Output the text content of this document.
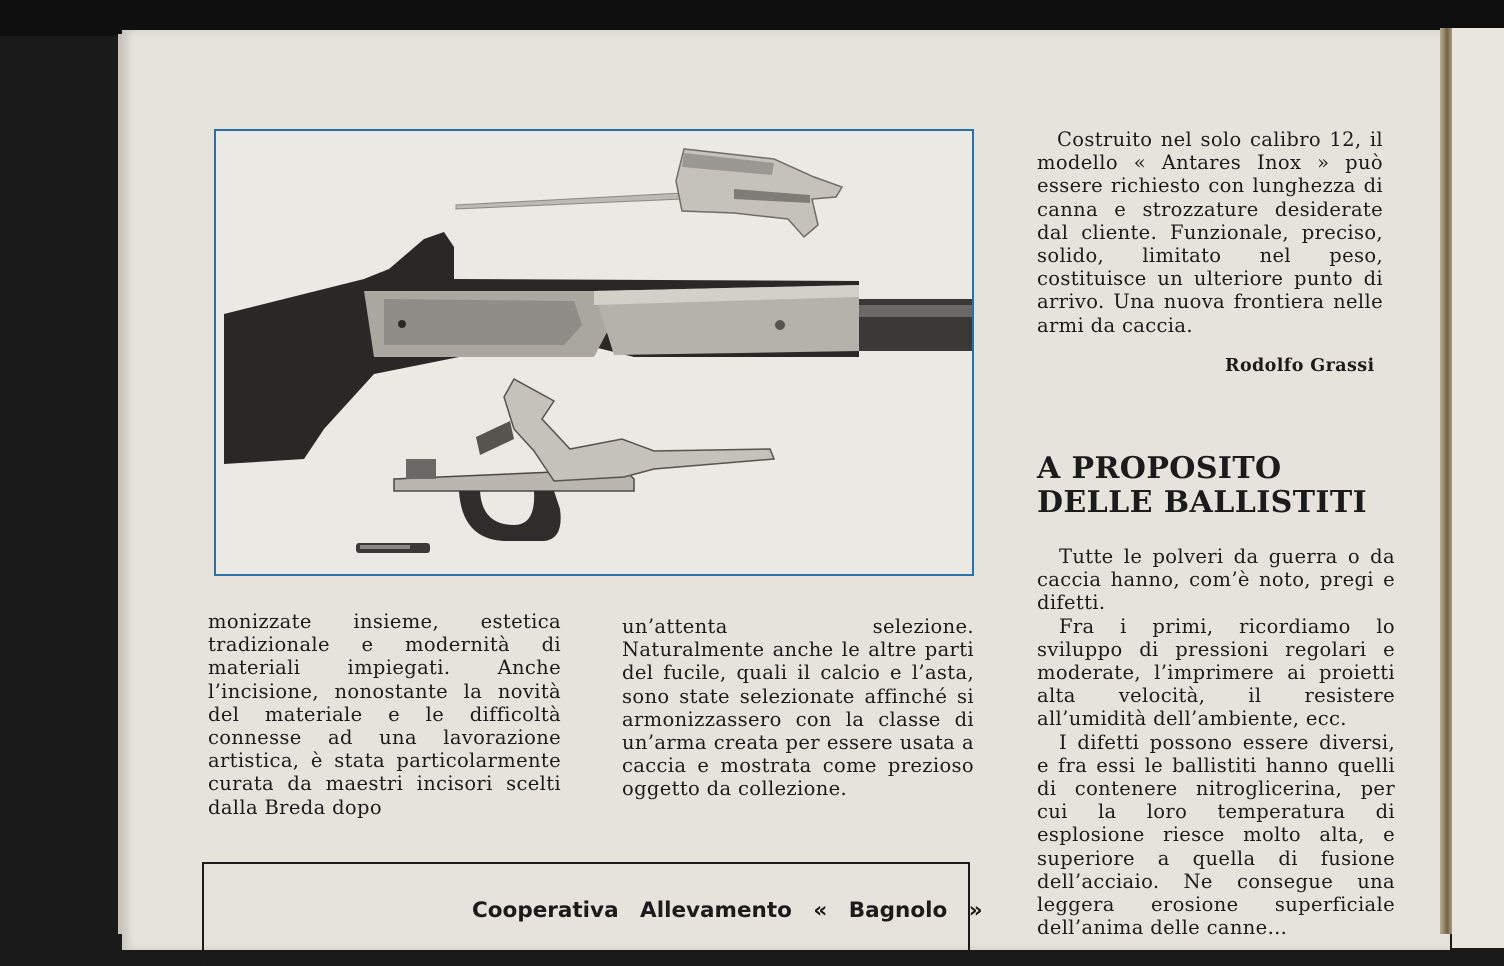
monizzate insieme, estetica tradizionale e modernità di materiali impiegati. Anche l’incisione, nonostante la novità del materiale e le difficoltà connesse ad una lavorazione artistica, è stata particolarmente curata da maestri incisori scelti dalla Breda dopo

un’attenta selezione. Naturalmente anche le altre parti del fucile, quali il calcio e l’asta, sono state selezionate affinché si armonizzassero con la classe di un’arma creata per essere usata a caccia e mostrata come prezioso oggetto da collezione.

Costruito nel solo calibro 12, il modello « Antares Inox » può essere richiesto con lunghezza di canna e strozzature desiderate dal cliente. Funzionale, preciso, solido, limitato nel peso, costituisce un ulteriore punto di arrivo. Una nuova frontiera nelle armi da caccia.

Rodolfo Grassi

A PROPOSITO DELLE BALLISTITI

Tutte le polveri da guerra o da caccia hanno, com’è noto, pregi e difetti.

Fra i primi, ricordiamo lo sviluppo di pressioni regolari e moderate, l’imprimere ai proietti alta velocità, il resistere all’umidità dell’ambiente, ecc.

I difetti possono essere diversi, e fra essi le ballistiti hanno quelli di contenere nitroglicerina, per cui la loro temperatura di esplosione riesce molto alta, e superiore a quella di fusione dell’acciaio. Ne consegue una leggera erosione superficiale dell’anima delle canne...

Cooperativa Allevamento « Bagnolo »
